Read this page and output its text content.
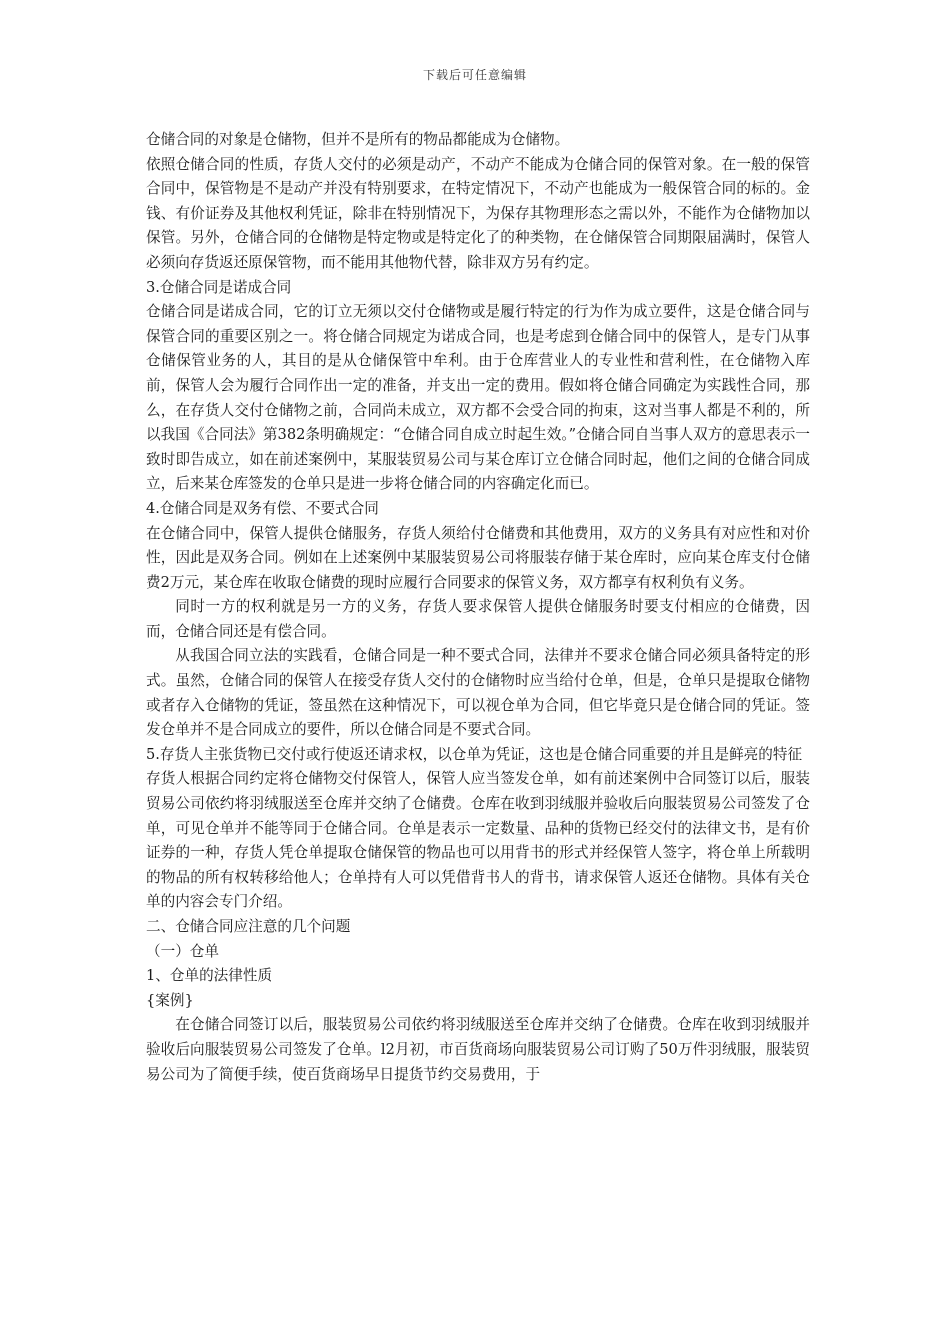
下载后可任意编辑

仓储合同的对象是仓储物，但并不是所有的物品都能成为仓储物。

依照仓储合同的性质，存货人交付的必须是动产，不动产不能成为仓储合同的保管对象。在一般的保管合同中，保管物是不是动产并没有特别要求，在特定情况下，不动产也能成为一般保管合同的标的。金钱、有价证券及其他权利凭证，除非在特别情况下，为保存其物理形态之需以外，不能作为仓储物加以保管。另外，仓储合同的仓储物是特定物或是特定化了的种类物，在仓储保管合同期限届满时，保管人必须向存货返还原保管物，而不能用其他物代替，除非双方另有约定。

3.仓储合同是诺成合同

仓储合同是诺成合同，它的订立无须以交付仓储物或是履行特定的行为作为成立要件，这是仓储合同与保管合同的重要区别之一。将仓储合同规定为诺成合同，也是考虑到仓储合同中的保管人，是专门从事仓储保管业务的人，其目的是从仓储保管中牟利。由于仓库营业人的专业性和营利性，在仓储物入库前，保管人会为履行合同作出一定的准备，并支出一定的费用。假如将仓储合同确定为实践性合同，那么，在存货人交付仓储物之前，合同尚未成立，双方都不会受合同的拘束，这对当事人都是不利的，所以我国《合同法》第382条明确规定：“仓储合同自成立时起生效。”仓储合同自当事人双方的意思表示一致时即告成立，如在前述案例中，某服装贸易公司与某仓库订立仓储合同时起，他们之间的仓储合同成立，后来某仓库签发的仓单只是进一步将仓储合同的内容确定化而已。

4.仓储合同是双务有偿、不要式合同

在仓储合同中，保管人提供仓储服务，存货人须给付仓储费和其他费用，双方的义务具有对应性和对价性，因此是双务合同。例如在上述案例中某服装贸易公司将服装存储于某仓库时，应向某仓库支付仓储费2万元，某仓库在收取仓储费的现时应履行合同要求的保管义务，双方都享有权利负有义务。

同时一方的权利就是另一方的义务，存货人要求保管人提供仓储服务时要支付相应的仓储费，因而，仓储合同还是有偿合同。

从我国合同立法的实践看，仓储合同是一种不要式合同，法律并不要求仓储合同必须具备特定的形式。虽然，仓储合同的保管人在接受存货人交付的仓储物时应当给付仓单，但是，仓单只是提取仓储物或者存入仓储物的凭证，签虽然在这种情况下，可以视仓单为合同，但它毕竟只是仓储合同的凭证。签发仓单并不是合同成立的要件，所以仓储合同是不要式合同。

5.存货人主张货物已交付或行使返还请求权，以仓单为凭证，这也是仓储合同重要的并且是鲜亮的特征

存货人根据合同约定将仓储物交付保管人，保管人应当签发仓单，如有前述案例中合同签订以后，服装贸易公司依约将羽绒服送至仓库并交纳了仓储费。仓库在收到羽绒服并验收后向服装贸易公司签发了仓单，可见仓单并不能等同于仓储合同。仓单是表示一定数量、品种的货物已经交付的法律文书，是有价证券的一种，存货人凭仓单提取仓储保管的物品也可以用背书的形式并经保管人签字，将仓单上所载明的物品的所有权转移给他人；仓单持有人可以凭借背书人的背书，请求保管人返还仓储物。具体有关仓单的内容会专门介绍。

二、仓储合同应注意的几个问题

（一）仓单

1、仓单的法律性质

{案例}

在仓储合同签订以后，服装贸易公司依约将羽绒服送至仓库并交纳了仓储费。仓库在收到羽绒服并验收后向服装贸易公司签发了仓单。l2月初，市百货商场向服装贸易公司订购了50万件羽绒服，服装贸易公司为了简便手续，使百货商场早日提货节约交易费用，于
